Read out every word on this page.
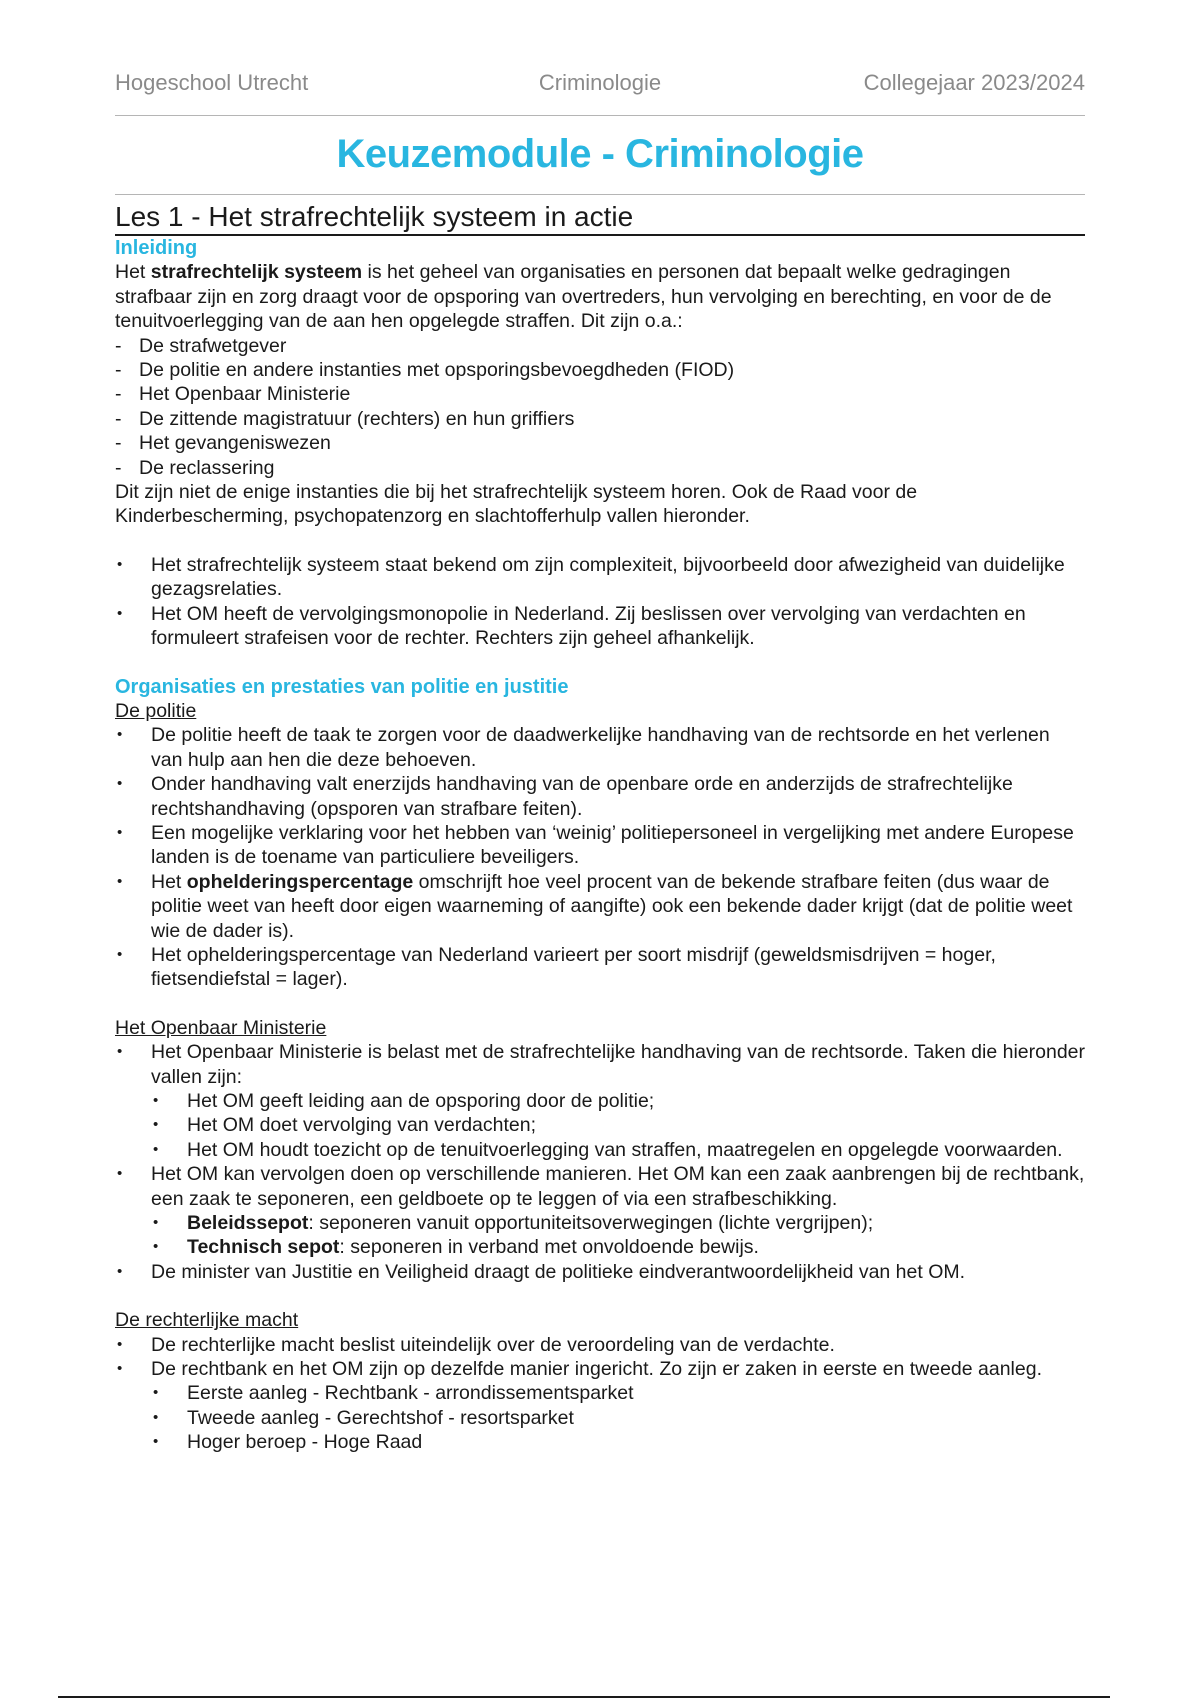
Hogeschool Utrecht	Criminologie	Collegejaar 2023/2024
Keuzemodule - Criminologie
Les 1 - Het strafrechtelijk systeem in actie
Inleiding

Het strafrechtelijk systeem is het geheel van organisaties en personen dat bepaalt welke gedragingen strafbaar zijn en zorg draagt voor de opsporing van overtreders, hun vervolging en berechting, en voor de de tenuitvoerlegging van de aan hen opgelegde straffen. Dit zijn o.a.:

- De strafwetgever
- De politie en andere instanties met opsporingsbevoegdheden (FIOD)
- Het Openbaar Ministerie
- De zittende magistratuur (rechters) en hun griffiers
- Het gevangeniswezen
- De reclassering

Dit zijn niet de enige instanties die bij het strafrechtelijk systeem horen. Ook de Raad voor de Kinderbescherming, psychopatenzorg en slachtofferhulp vallen hieronder.

• Het strafrechtelijk systeem staat bekend om zijn complexiteit, bijvoorbeeld door afwezigheid van duidelijke gezagsrelaties.
• Het OM heeft de vervolgingsmonopolie in Nederland. Zij beslissen over vervolging van verdachten en formuleert strafeisen voor de rechter. Rechters zijn geheel afhankelijk.
Organisaties en prestaties van politie en justitie

De politie

• De politie heeft de taak te zorgen voor de daadwerkelijke handhaving van de rechtsorde en het verlenen van hulp aan hen die deze behoeven.
• Onder handhaving valt enerzijds handhaving van de openbare orde en anderzijds de strafrechtelijke rechtshandhaving (opsporen van strafbare feiten).
• Een mogelijke verklaring voor het hebben van ‘weinig’ politiepersoneel in vergelijking met andere Europese landen is de toename van particuliere beveiligers.
• Het ophelderingspercentage omschrijft hoe veel procent van de bekende strafbare feiten (dus waar de politie weet van heeft door eigen waarneming of aangifte) ook een bekende dader krijgt (dat de politie weet wie de dader is).
• Het ophelderingspercentage van Nederland varieert per soort misdrijf (geweldsmisdrijven = hoger, fietsendiefstal = lager).

Het Openbaar Ministerie

• Het Openbaar Ministerie is belast met de strafrechtelijke handhaving van de rechtsorde. Taken die hieronder vallen zijn:
• Het OM geeft leiding aan de opsporing door de politie;
• Het OM doet vervolging van verdachten;
• Het OM houdt toezicht op de tenuitvoerlegging van straffen, maatregelen en opgelegde voorwaarden.
• Het OM kan vervolgen doen op verschillende manieren. Het OM kan een zaak aanbrengen bij de rechtbank, een zaak te seponeren, een geldboete op te leggen of via een strafbeschikking.
• Beleidssepot: seponeren vanuit opportuniteitsoverwegingen (lichte vergrijpen);
• Technisch sepot: seponeren in verband met onvoldoende bewijs.
• De minister van Justitie en Veiligheid draagt de politieke eindverantwoordelijkheid van het OM.

De rechterlijke macht

• De rechterlijke macht beslist uiteindelijk over de veroordeling van de verdachte.
• De rechtbank en het OM zijn op dezelfde manier ingericht. Zo zijn er zaken in eerste en tweede aanleg.
• Eerste aanleg - Rechtbank - arrondissementsparket
• Tweede aanleg - Gerechtshof - resortsparket
• Hoger beroep - Hoge Raad
